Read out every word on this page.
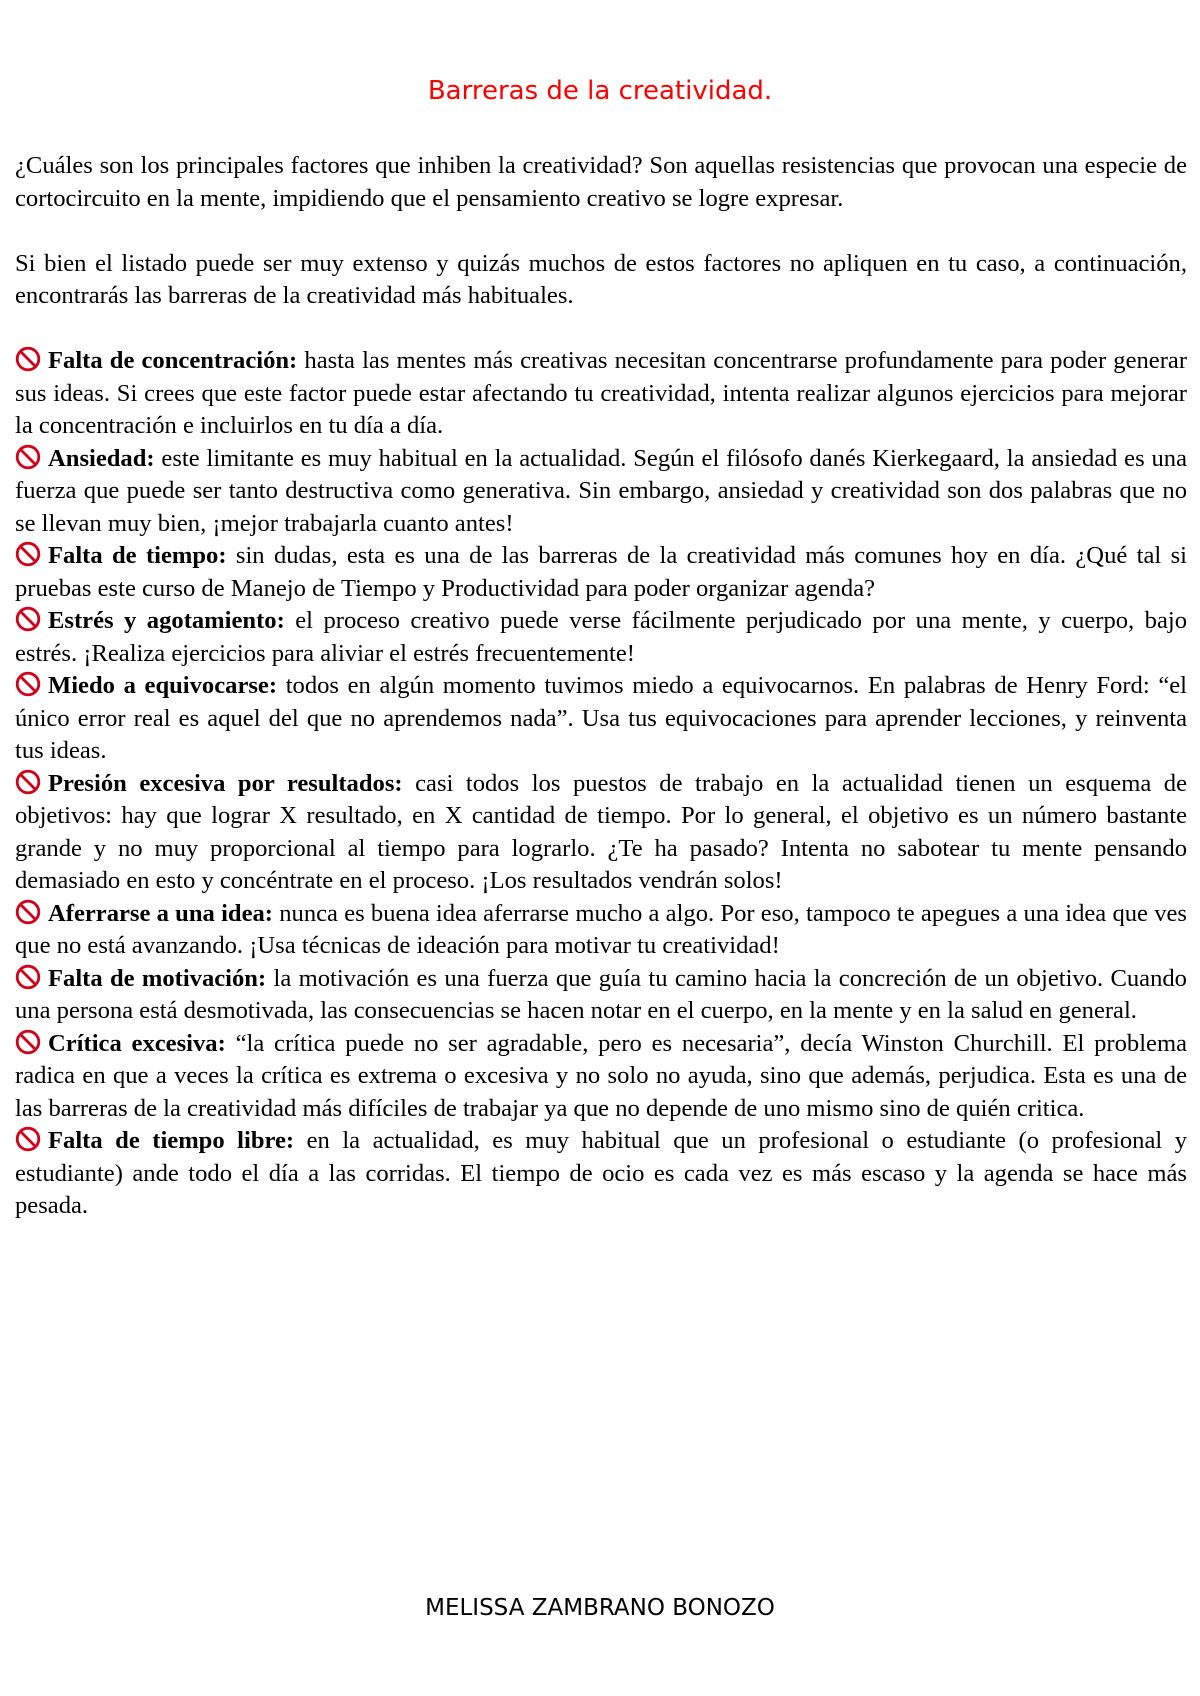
Barreras de la creatividad.

¿Cuáles son los principales factores que inhiben la creatividad? Son aquellas resistencias que provocan una especie de cortocircuito en la mente, impidiendo que el pensamiento creativo se logre expresar.

Si bien el listado puede ser muy extenso y quizás muchos de estos factores no apliquen en tu caso, a continuación, encontrarás las barreras de la creatividad más habituales.

Falta de concentración: hasta las mentes más creativas necesitan concentrarse profundamente para poder generar sus ideas. Si crees que este factor puede estar afectando tu creatividad, intenta realizar algunos ejercicios para mejorar la concentración e incluirlos en tu día a día.

Ansiedad: este limitante es muy habitual en la actualidad. Según el filósofo danés Kierkegaard, la ansiedad es una fuerza que puede ser tanto destructiva como generativa. Sin embargo, ansiedad y creatividad son dos palabras que no se llevan muy bien, ¡mejor trabajarla cuanto antes!

Falta de tiempo: sin dudas, esta es una de las barreras de la creatividad más comunes hoy en día. ¿Qué tal si pruebas este curso de Manejo de Tiempo y Productividad para poder organizar agenda?

Estrés y agotamiento: el proceso creativo puede verse fácilmente perjudicado por una mente, y cuerpo, bajo estrés. ¡Realiza ejercicios para aliviar el estrés frecuentemente!

Miedo a equivocarse: todos en algún momento tuvimos miedo a equivocarnos. En palabras de Henry Ford: “el único error real es aquel del que no aprendemos nada”. Usa tus equivocaciones para aprender lecciones, y reinventa tus ideas.

Presión excesiva por resultados: casi todos los puestos de trabajo en la actualidad tienen un esquema de objetivos: hay que lograr X resultado, en X cantidad de tiempo. Por lo general, el objetivo es un número bastante grande y no muy proporcional al tiempo para lograrlo. ¿Te ha pasado? Intenta no sabotear tu mente pensando demasiado en esto y concéntrate en el proceso. ¡Los resultados vendrán solos!

Aferrarse a una idea: nunca es buena idea aferrarse mucho a algo. Por eso, tampoco te apegues a una idea que ves que no está avanzando. ¡Usa técnicas de ideación para motivar tu creatividad!

Falta de motivación: la motivación es una fuerza que guía tu camino hacia la concreción de un objetivo. Cuando una persona está desmotivada, las consecuencias se hacen notar en el cuerpo, en la mente y en la salud en general.

Crítica excesiva: “la crítica puede no ser agradable, pero es necesaria”, decía Winston Churchill. El problema radica en que a veces la crítica es extrema o excesiva y no solo no ayuda, sino que además, perjudica. Esta es una de las barreras de la creatividad más difíciles de trabajar ya que no depende de uno mismo sino de quién critica.

Falta de tiempo libre: en la actualidad, es muy habitual que un profesional o estudiante (o profesional y estudiante) ande todo el día a las corridas. El tiempo de ocio es cada vez es más escaso y la agenda se hace más pesada.

MELISSA ZAMBRANO BONOZO
